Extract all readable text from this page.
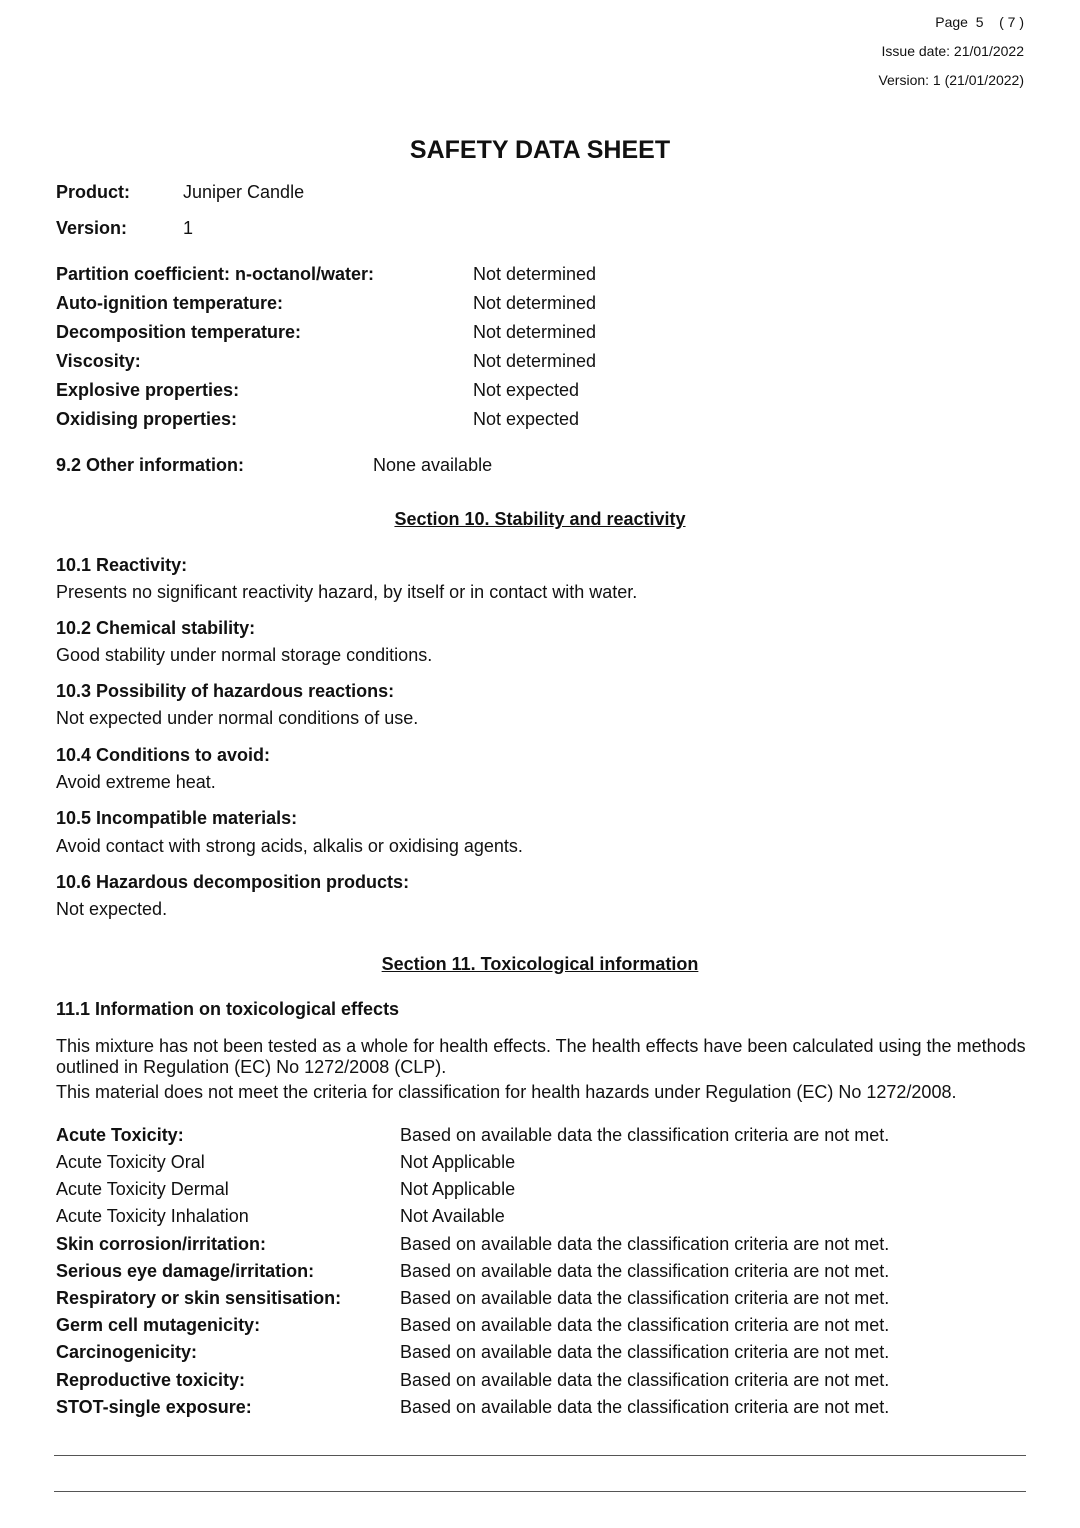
Page 5 ( 7 )
Issue date: 21/01/2022
Version: 1 (21/01/2022)
SAFETY DATA SHEET
Product:	Juniper Candle
Version:	1
Partition coefficient: n-octanol/water:	Not determined
Auto-ignition temperature:	Not determined
Decomposition temperature:	Not determined
Viscosity:	Not determined
Explosive properties:	Not expected
Oxidising properties:	Not expected
9.2 Other information:	None available
Section 10. Stability and reactivity
10.1 Reactivity:
Presents no significant reactivity hazard, by itself or in contact with water.
10.2 Chemical stability:
Good stability under normal storage conditions.
10.3 Possibility of hazardous reactions:
Not expected under normal conditions of use.
10.4 Conditions to avoid:
Avoid extreme heat.
10.5 Incompatible materials:
Avoid contact with strong acids, alkalis or oxidising agents.
10.6 Hazardous decomposition products:
Not expected.
Section 11. Toxicological information
11.1 Information on toxicological effects
This mixture has not been tested as a whole for health effects. The health effects have been calculated using the methods outlined in Regulation (EC) No 1272/2008 (CLP).
This material does not meet the criteria for classification for health hazards under Regulation (EC) No 1272/2008.
Acute Toxicity:	Based on available data the classification criteria are not met.
Acute Toxicity Oral	Not Applicable
Acute Toxicity Dermal	Not Applicable
Acute Toxicity Inhalation	Not Available
Skin corrosion/irritation:	Based on available data the classification criteria are not met.
Serious eye damage/irritation:	Based on available data the classification criteria are not met.
Respiratory or skin sensitisation:	Based on available data the classification criteria are not met.
Germ cell mutagenicity:	Based on available data the classification criteria are not met.
Carcinogenicity:	Based on available data the classification criteria are not met.
Reproductive toxicity:	Based on available data the classification criteria are not met.
STOT-single exposure:	Based on available data the classification criteria are not met.
